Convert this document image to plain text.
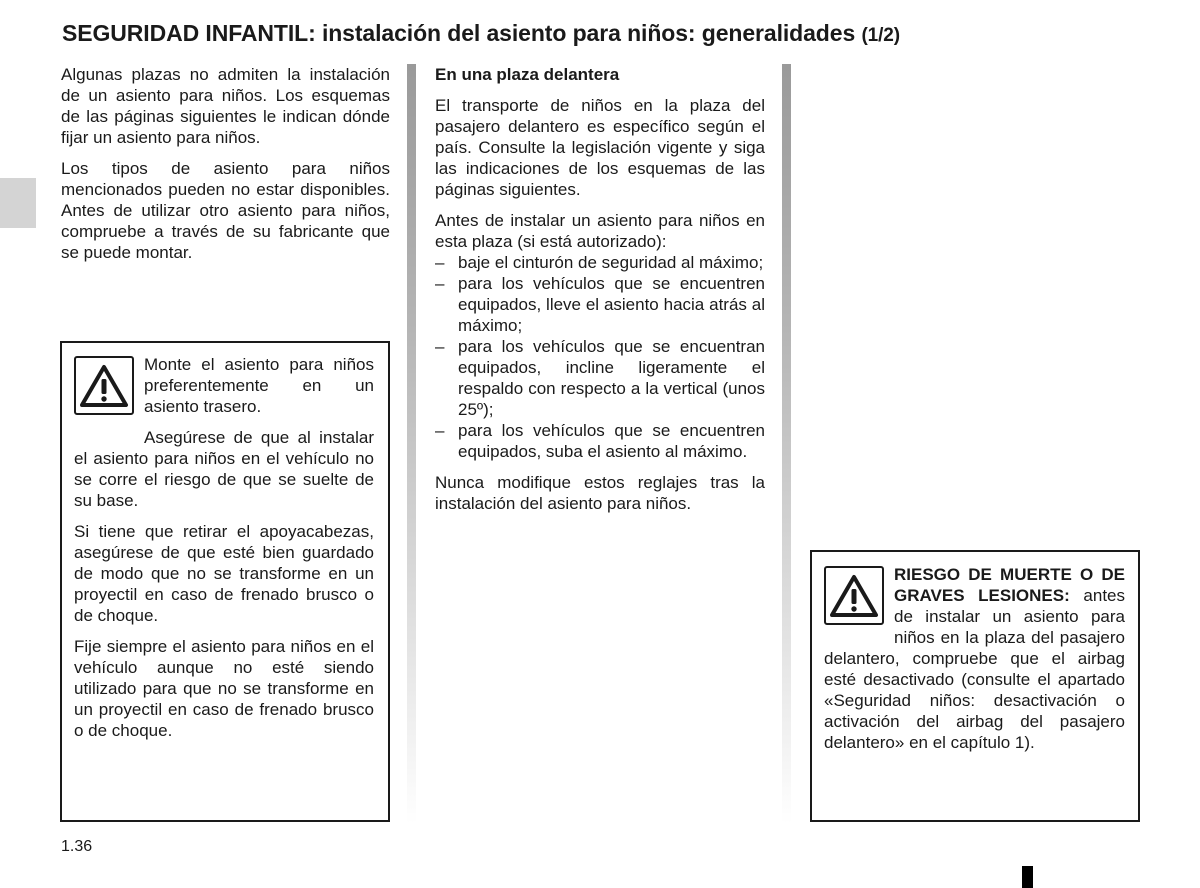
SEGURIDAD INFANTIL: instalación del asiento para niños: generalidades (1/2)

Algunas plazas no admiten la instalación de un asiento para niños. Los esquemas de las páginas siguientes le indican dónde fijar un asiento para niños.

Los tipos de asiento para niños mencionados pueden no estar disponibles. Antes de utilizar otro asiento para niños, compruebe a través de su fabricante que se puede montar.

Monte el asiento para niños preferentemente en un asiento trasero.

Asegúrese de que al instalar el asiento para niños en el vehículo no se corre el riesgo de que se suelte de su base.

Si tiene que retirar el apoyacabezas, asegúrese de que esté bien guardado de modo que no se transforme en un proyectil en caso de frenado brusco o de choque.

Fije siempre el asiento para niños en el vehículo aunque no esté siendo utilizado para que no se transforme en un proyectil en caso de frenado brusco o de choque.

En una plaza delantera

El transporte de niños en la plaza del pasajero delantero es específico según el país. Consulte la legislación vigente y siga las indicaciones de los esquemas de las páginas siguientes.

Antes de instalar un asiento para niños en esta plaza (si está autorizado):

– baje el cinturón de seguridad al máximo;
– para los vehículos que se encuentren equipados, lleve el asiento hacia atrás al máximo;
– para los vehículos que se encuentran equipados, incline ligeramente el respaldo con respecto a la vertical (unos 25º);
– para los vehículos que se encuentren equipados, suba el asiento al máximo.

Nunca modifique estos reglajes tras la instalación del asiento para niños.

RIESGO DE MUERTE O DE GRAVES LESIONES: antes de instalar un asiento para niños en la plaza del pasajero delantero, compruebe que el airbag esté desactivado (consulte el apartado «Seguridad niños: desactivación o activación del airbag del pasajero delantero» en el capítulo 1).

1.36
